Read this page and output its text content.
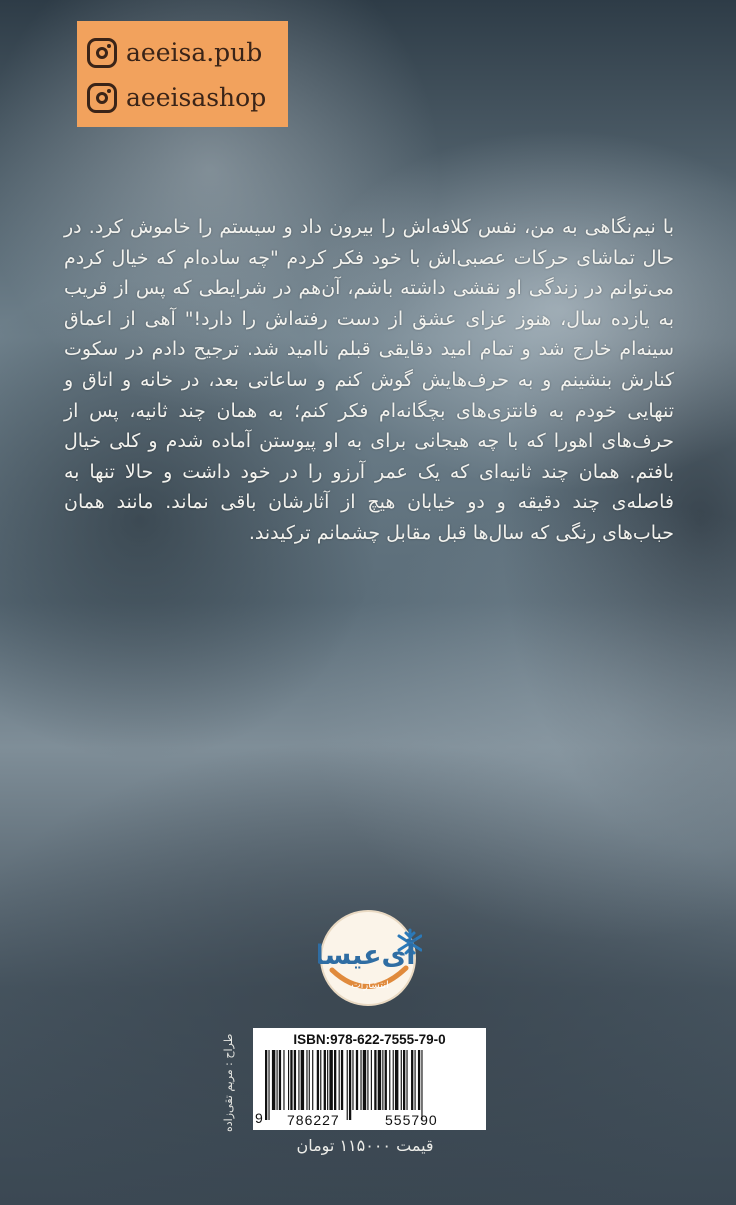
aeeisa.pub
aeeisashop

با نیم‌نگاهی به من، نفس کلافه‌اش را بیرون داد و سیستم را خاموش کرد. در حال تماشای حرکات عصبی‌اش با خود فکر کردم "چه ساده‌ام که خیال کردم می‌توانم در زندگی او نقشی داشته باشم، آن‌هم در شرایطی که پس از قریب به یازده سال، هنوز عزای عشق از دست رفته‌اش را دارد!" آهی از اعماق سینه‌ام خارج شد و تمام امید دقایقی قبلم ناامید شد. ترجیح دادم در سکوت کنارش بنشینم و به حرف‌هایش گوش کنم و ساعاتی بعد، در خانه و اتاق و تنهایی خودم به فانتزی‌های بچگانه‌ام فکر کنم؛ به همان چند ثانیه، پس از حرف‌های اهورا که با چه هیجانی برای به او پیوستن آماده شدم و کلی خیال بافتم. همان چند ثانیه‌ای که یک عمر آرزو را در خود داشت و حالا تنها به فاصله‌ی چند دقیقه و دو خیابان هیچ از آثارشان باقی نماند. مانند همان حباب‌های رنگی که سال‌ها قبل مقابل چشمانم ترکیدند.

آی‌عیسا
انتشارات
طراح : مریم تقی‌زاده	ISBN:978-622-7555-79-0
9 786227	555790
قیمت ۱۱۵۰۰۰ تومان
